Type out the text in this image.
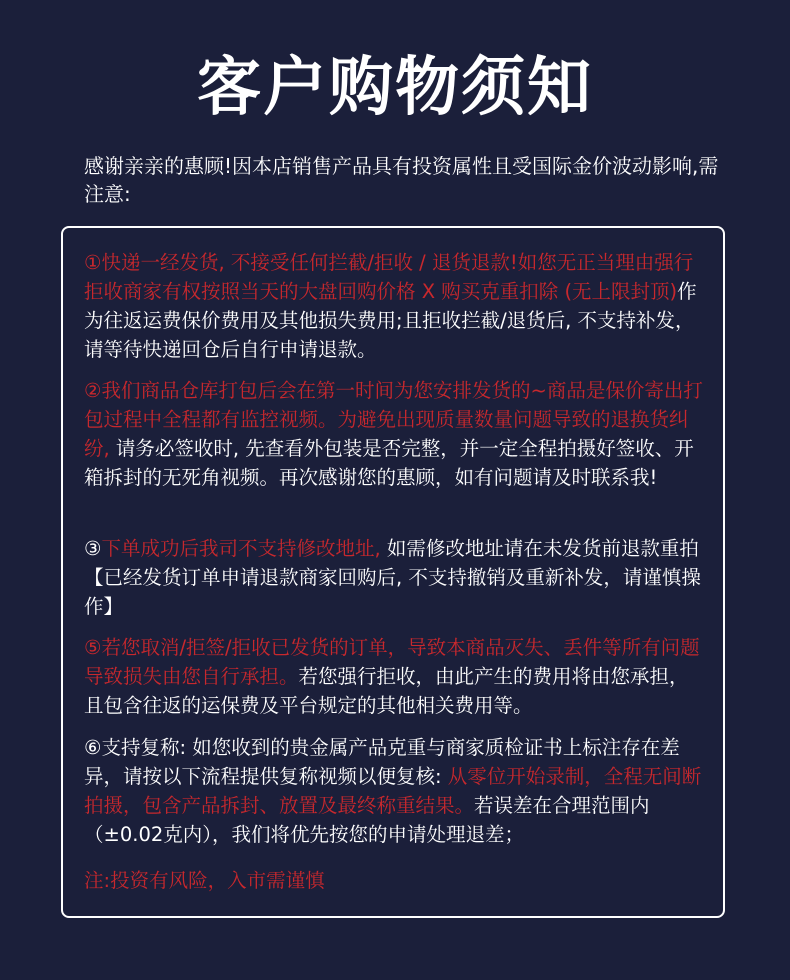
客户购物须知
感谢亲亲的惠顾!因本店销售产品具有投资属性且受国际金价波动影响,需注意:
①快递一经发货, 不接受任何拦截/拒收 / 退货退款!如您无正当理由强行拒收商家有权按照当天的大盘回购价格 X 购买克重扣除 (无上限封顶)作为往返运费保价费用及其他损失费用;且拒收拦截/退货后, 不支持补发，请等待快递回仓后自行申请退款。
②我们商品仓库打包后会在第一时间为您安排发货的~商品是保价寄出打包过程中全程都有监控视频。为避免出现质量数量问题导致的退换货纠纷, 请务必签收时, 先查看外包装是否完整，并一定全程拍摄好签收、开箱拆封的无死角视频。再次感谢您的惠顾，如有问题请及时联系我!
③下单成功后我司不支持修改地址, 如需修改地址请在未发货前退款重拍【已经发货订单申请退款商家回购后, 不支持撤销及重新补发，请谨慎操作】
⑤若您取消/拒签/拒收已发货的订单，导致本商品灭失、丢件等所有问题导致损失由您自行承担。若您强行拒收，由此产生的费用将由您承担，且包含往返的运保费及平台规定的其他相关费用等。
⑥支持复称: 如您收到的贵金属产品克重与商家质检证书上标注存在差异，请按以下流程提供复称视频以便复核: 从零位开始录制，全程无间断拍摄，包含产品拆封、放置及最终称重结果。若误差在合理范围内（±0.02克内），我们将优先按您的申请处理退差；
注:投资有风险，入市需谨慎
